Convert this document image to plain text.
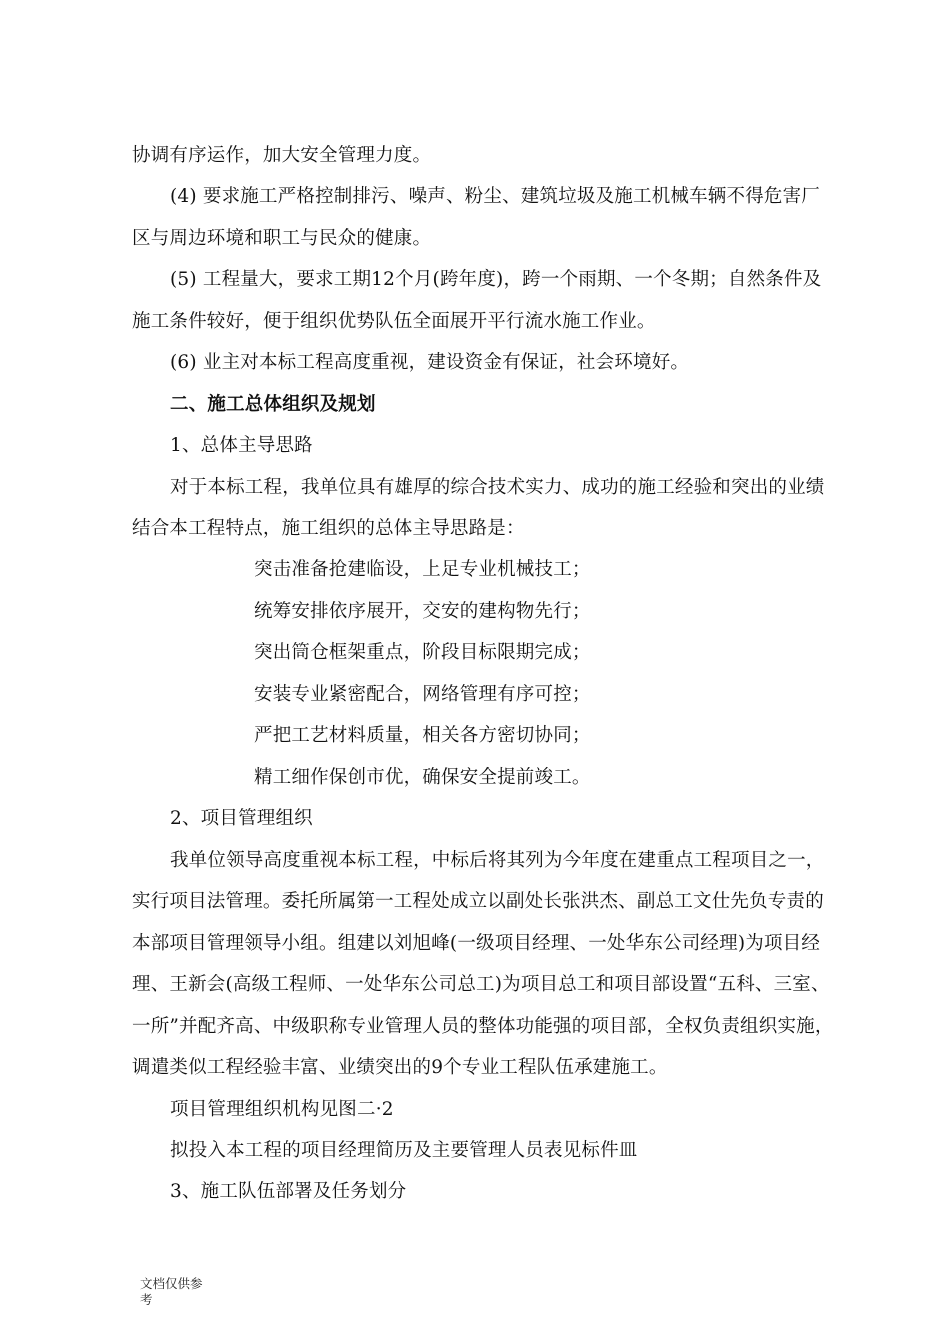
协调有序运作，加大安全管理力度。
(4) 要求施工严格控制排污、噪声、粉尘、建筑垃圾及施工机械车辆不得危害厂
区与周边环境和职工与民众的健康。
(5) 工程量大，要求工期12个月(跨年度)，跨一个雨期、一个冬期；自然条件及
施工条件较好，便于组织优势队伍全面展开平行流水施工作业。
(6) 业主对本标工程高度重视，建设资金有保证，社会环境好。
二、施工总体组织及规划
1、总体主导思路
对于本标工程，我单位具有雄厚的综合技术实力、成功的施工经验和突出的业绩
结合本工程特点，施工组织的总体主导思路是：
突击准备抢建临设，上足专业机械技工；
统筹安排依序展开，交安的建构物先行；
突出筒仓框架重点，阶段目标限期完成；
安装专业紧密配合，网络管理有序可控；
严把工艺材料质量，相关各方密切协同；
精工细作保创市优，确保安全提前竣工。
2、项目管理组织
我单位领导高度重视本标工程，中标后将其列为今年度在建重点工程项目之一，
实行项目法管理。委托所属第一工程处成立以副处长张洪杰、副总工文仕先负专责的
本部项目管理领导小组。组建以刘旭峰(一级项目经理、一处华东公司经理)为项目经
理、王新会(高级工程师、一处华东公司总工)为项目总工和项目部设置“五科、三室、
一所”并配齐高、中级职称专业管理人员的整体功能强的项目部，全权负责组织实施，
调遣类似工程经验丰富、业绩突出的9个专业工程队伍承建施工。
项目管理组织机构见图二·2
拟投入本工程的项目经理简历及主要管理人员表见标件皿
3、施工队伍部署及任务划分
文档仅供参
考
